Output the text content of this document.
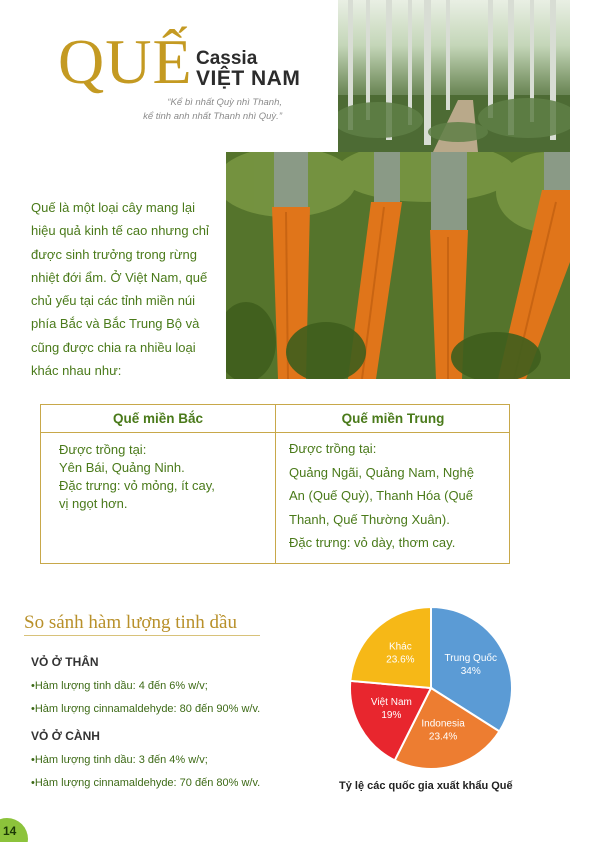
QUẾ Cassia
VIỆT NAM
“Kể bì nhất Quỳ nhì Thanh,
kể tinh anh nhất Thanh nhì Quỳ.”
Quế là một loại cây mang lại hiệu quả kinh tế cao nhưng chỉ được sinh trưởng trong rừng nhiệt đới ẩm. Ở Việt Nam, quế chủ yếu tại các tỉnh miền núi phía Bắc và Bắc Trung Bộ và cũng được chia ra nhiều loại khác nhau như:
Quế miền Bắc
Được trồng tại:
Yên Bái, Quảng Ninh.
Đặc trưng: vỏ mỏng, ít cay,
vị ngọt hơn.
Quế miền Trung
Được trồng tại:
Quảng Ngãi, Quảng Nam, Nghệ
An (Quế Quỳ), Thanh Hóa (Quế
Thanh, Quế Thường Xuân).
Đặc trưng: vỏ dày, thơm cay.
So sánh hàm lượng tinh dầu
VỎ Ở THÂN
•Hàm lượng tinh dầu: 4 đến 6% w/v;
•Hàm lượng cinnamaldehyde: 80 đến 90% w/v.
VỎ Ở CÀNH
•Hàm lượng tinh dầu: 3 đến 4% w/v;
•Hàm lượng cinnamaldehyde: 70 đến 80% w/v.
Trung Quốc
34%
Indonesia
23.4%
Việt Nam
19%
Khác
23.6%
Tỷ lệ các quốc gia xuất khẩu Quế
14
